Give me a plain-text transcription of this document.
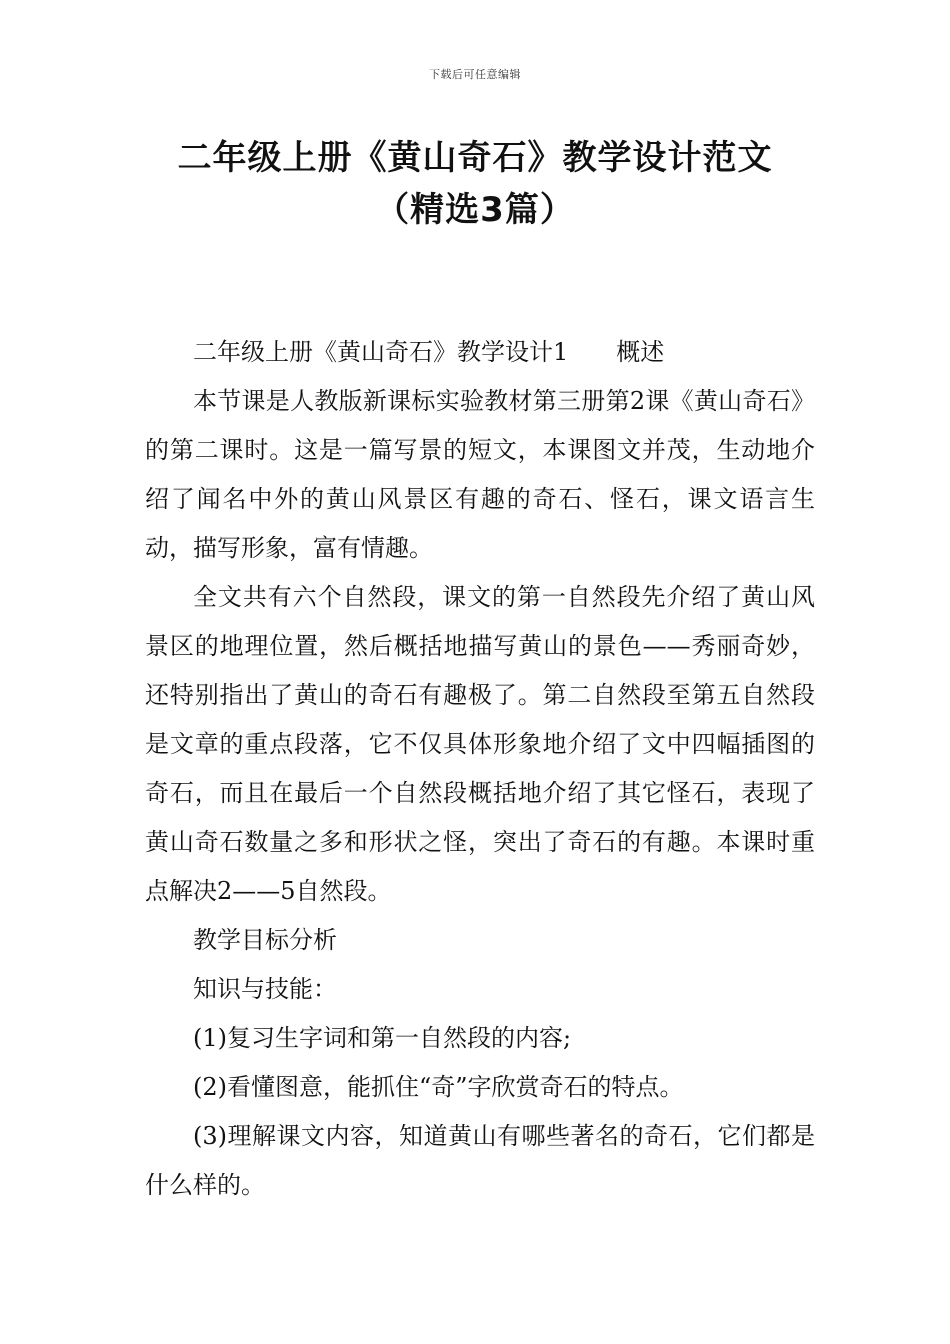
下载后可任意编辑
二年级上册《黄山奇石》教学设计范文
（精选3篇）

二年级上册《黄山奇石》教学设计1 概述

本节课是人教版新课标实验教材第三册第2课《黄山奇石》的第二课时。这是一篇写景的短文，本课图文并茂，生动地介绍了闻名中外的黄山风景区有趣的奇石、怪石，课文语言生动，描写形象，富有情趣。

全文共有六个自然段，课文的第一自然段先介绍了黄山风景区的地理位置，然后概括地描写黄山的景色——秀丽奇妙，还特别指出了黄山的奇石有趣极了。第二自然段至第五自然段是文章的重点段落，它不仅具体形象地介绍了文中四幅插图的奇石，而且在最后一个自然段概括地介绍了其它怪石，表现了黄山奇石数量之多和形状之怪，突出了奇石的有趣。本课时重点解决2——5自然段。

教学目标分析

知识与技能：

(1)复习生字词和第一自然段的内容;

(2)看懂图意，能抓住“奇”字欣赏奇石的特点。

(3)理解课文内容，知道黄山有哪些著名的奇石，它们都是什么样的。
